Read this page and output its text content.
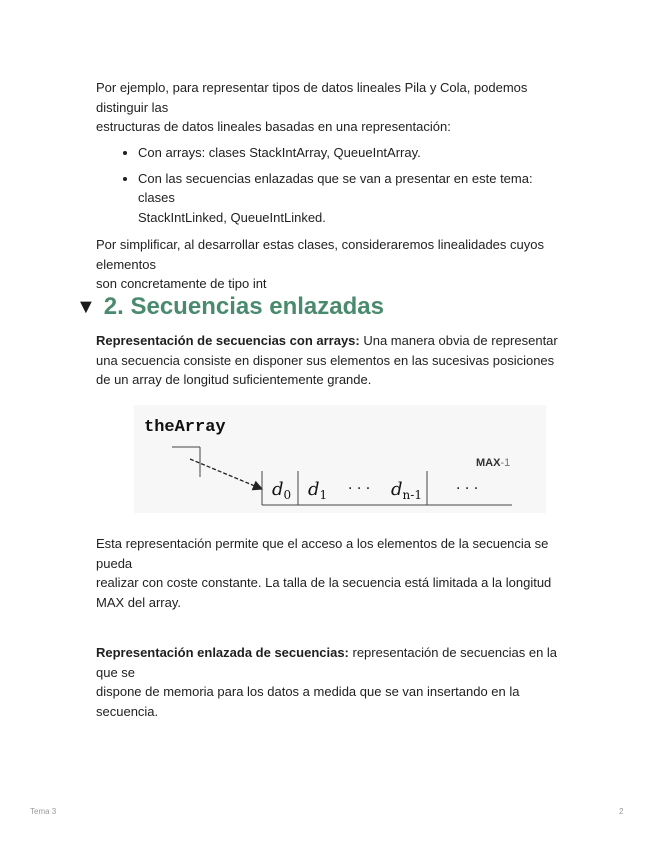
Por ejemplo, para representar tipos de datos lineales Pila y Cola, podemos
distinguir las
estructuras de datos lineales basadas en una representación:
• Con arrays: clases StackIntArray, QueueIntArray.
• Con las secuencias enlazadas que se van a presentar en este tema:
clases
StackIntLinked, QueueIntLinked.
Por simplificar, al desarrollar estas clases, consideraremos linealidades cuyos
elementos
son concretamente de tipo int
▼ 2. Secuencias enlazadas
Representación de secuencias con arrays: Una manera obvia de representar
una secuencia consiste en disponer sus elementos en las sucesivas posiciones
de un array de longitud suficientemente grande.
theArray
MAX-1
$d_0$ $d_1$ · · · $d_{n-1}$ · · ·
Esta representación permite que el acceso a los elementos de la secuencia se
pueda
realizar con coste constante. La talla de la secuencia está limitada a la longitud
MAX del array.
Representación enlazada de secuencias: representación de secuencias en la
que se
dispone de memoria para los datos a medida que se van insertando en la
secuencia.
Tema 3	2
